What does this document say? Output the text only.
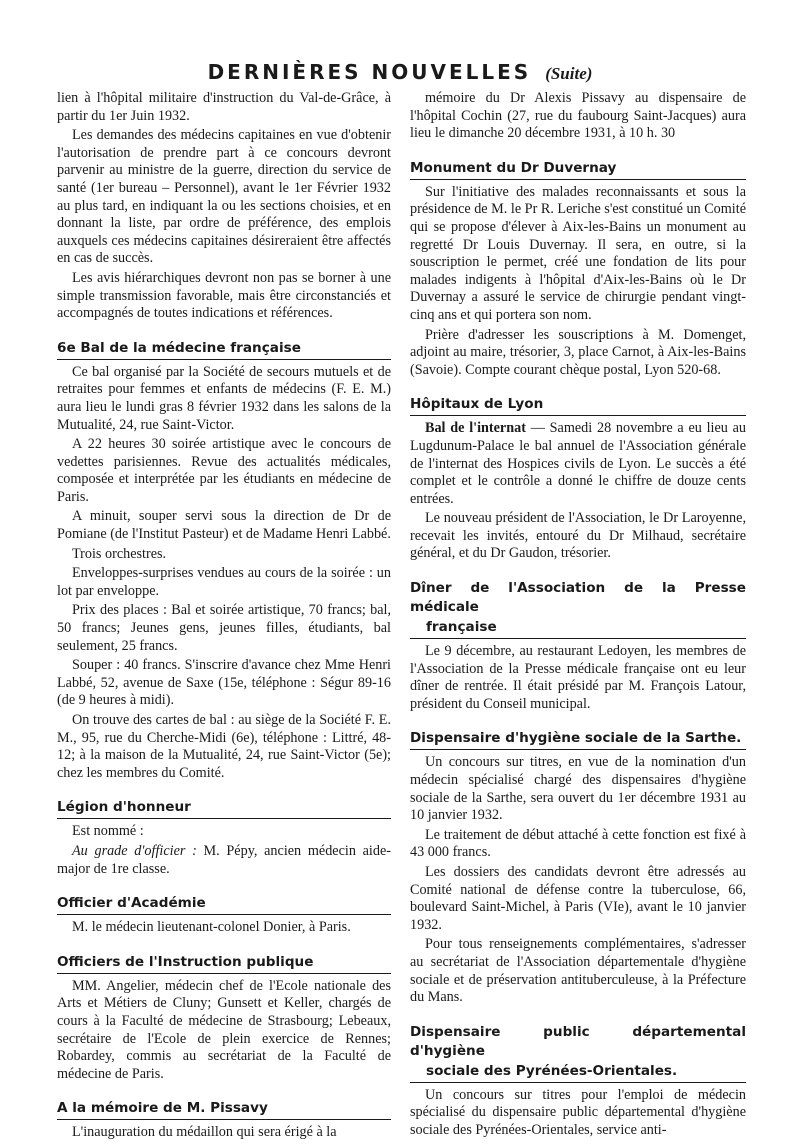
DERNIÈRES NOUVELLES (Suite)

lien à l'hôpital militaire d'instruction du Val-de-Grâce, à partir du 1er Juin 1932.

Les demandes des médecins capitaines en vue d'obtenir l'autorisation de prendre part à ce concours devront parvenir au ministre de la guerre, direction du service de santé (1er bureau – Personnel), avant le 1er Février 1932 au plus tard, en indiquant la ou les sections choisies, et en donnant la liste, par ordre de préférence, des emplois auxquels ces médecins capitaines désireraient être affectés en cas de succès.

Les avis hiérarchiques devront non pas se borner à une simple transmission favorable, mais être circonstanciés et accompagnés de toutes indications et références.

6e Bal de la médecine française

Ce bal organisé par la Société de secours mutuels et de retraites pour femmes et enfants de médecins (F. E. M.) aura lieu le lundi gras 8 février 1932 dans les salons de la Mutualité, 24, rue Saint-Victor.

A 22 heures 30 soirée artistique avec le concours de vedettes parisiennes. Revue des actualités médicales, composée et interprétée par les étudiants en médecine de Paris.

A minuit, souper servi sous la direction de Dr de Pomiane (de l'Institut Pasteur) et de Madame Henri Labbé.

Trois orchestres.

Enveloppes-surprises vendues au cours de la soirée : un lot par enveloppe.

Prix des places : Bal et soirée artistique, 70 francs; bal, 50 francs; Jeunes gens, jeunes filles, étudiants, bal seulement, 25 francs.

Souper : 40 francs. S'inscrire d'avance chez Mme Henri Labbé, 52, avenue de Saxe (15e, téléphone : Ségur 89-16 (de 9 heures à midi).

On trouve des cartes de bal : au siège de la Société F. E. M., 95, rue du Cherche-Midi (6e), téléphone : Littré, 48-12; à la maison de la Mutualité, 24, rue Saint-Victor (5e); chez les membres du Comité.

Légion d'honneur

Est nommé :

Au grade d'officier : M. Pépy, ancien médecin aide-major de 1re classe.

Officier d'Académie

M. le médecin lieutenant-colonel Donier, à Paris.

Officiers de l'Instruction publique

MM. Angelier, médecin chef de l'Ecole nationale des Arts et Métiers de Cluny; Gunsett et Keller, chargés de cours à la Faculté de médecine de Strasbourg; Lebeaux, secrétaire de l'Ecole de plein exercice de Rennes; Robardey, commis au secrétariat de la Faculté de médecine de Paris.

A la mémoire de M. Pissavy

L'inauguration du médaillon qui sera érigé à la

mémoire du Dr Alexis Pissavy au dispensaire de l'hôpital Cochin (27, rue du faubourg Saint-Jacques) aura lieu le dimanche 20 décembre 1931, à 10 h. 30

Monument du Dr Duvernay

Sur l'initiative des malades reconnaissants et sous la présidence de M. le Pr R. Leriche s'est constitué un Comité qui se propose d'élever à Aix-les-Bains un monument au regretté Dr Louis Duvernay. Il sera, en outre, si la souscription le permet, créé une fondation de lits pour malades indigents à l'hôpital d'Aix-les-Bains où le Dr Duvernay a assuré le service de chirurgie pendant vingt-cinq ans et qui portera son nom.

Prière d'adresser les souscriptions à M. Domenget, adjoint au maire, trésorier, 3, place Carnot, à Aix-les-Bains (Savoie). Compte courant chèque postal, Lyon 520-68.

Hôpitaux de Lyon

Bal de l'internat — Samedi 28 novembre a eu lieu au Lugdunum-Palace le bal annuel de l'Association générale de l'internat des Hospices civils de Lyon. Le succès a été complet et le contrôle a donné le chiffre de douze cents entrées.

Le nouveau président de l'Association, le Dr Laroyenne, recevait les invités, entouré du Dr Milhaud, secrétaire général, et du Dr Gaudon, trésorier.

Dîner de l'Association de la Presse médicale
française

Le 9 décembre, au restaurant Ledoyen, les membres de l'Association de la Presse médicale française ont eu leur dîner de rentrée. Il était présidé par M. François Latour, président du Conseil municipal.

Dispensaire d'hygiène sociale de la Sarthe.

Un concours sur titres, en vue de la nomination d'un médecin spécialisé chargé des dispensaires d'hygiène sociale de la Sarthe, sera ouvert du 1er décembre 1931 au 10 janvier 1932.

Le traitement de début attaché à cette fonction est fixé à 43 000 francs.

Les dossiers des candidats devront être adressés au Comité national de défense contre la tuberculose, 66, boulevard Saint-Michel, à Paris (VIe), avant le 10 janvier 1932.

Pour tous renseignements complémentaires, s'adresser au secrétariat de l'Association départementale d'hygiène sociale et de préservation antituberculeuse, à la Préfecture du Mans.

Dispensaire public départemental d'hygiène
sociale des Pyrénées-Orientales.

Un concours sur titres pour l'emploi de médecin spécialisé du dispensaire public départemental d'hygiène sociale des Pyrénées-Orientales, service anti-
